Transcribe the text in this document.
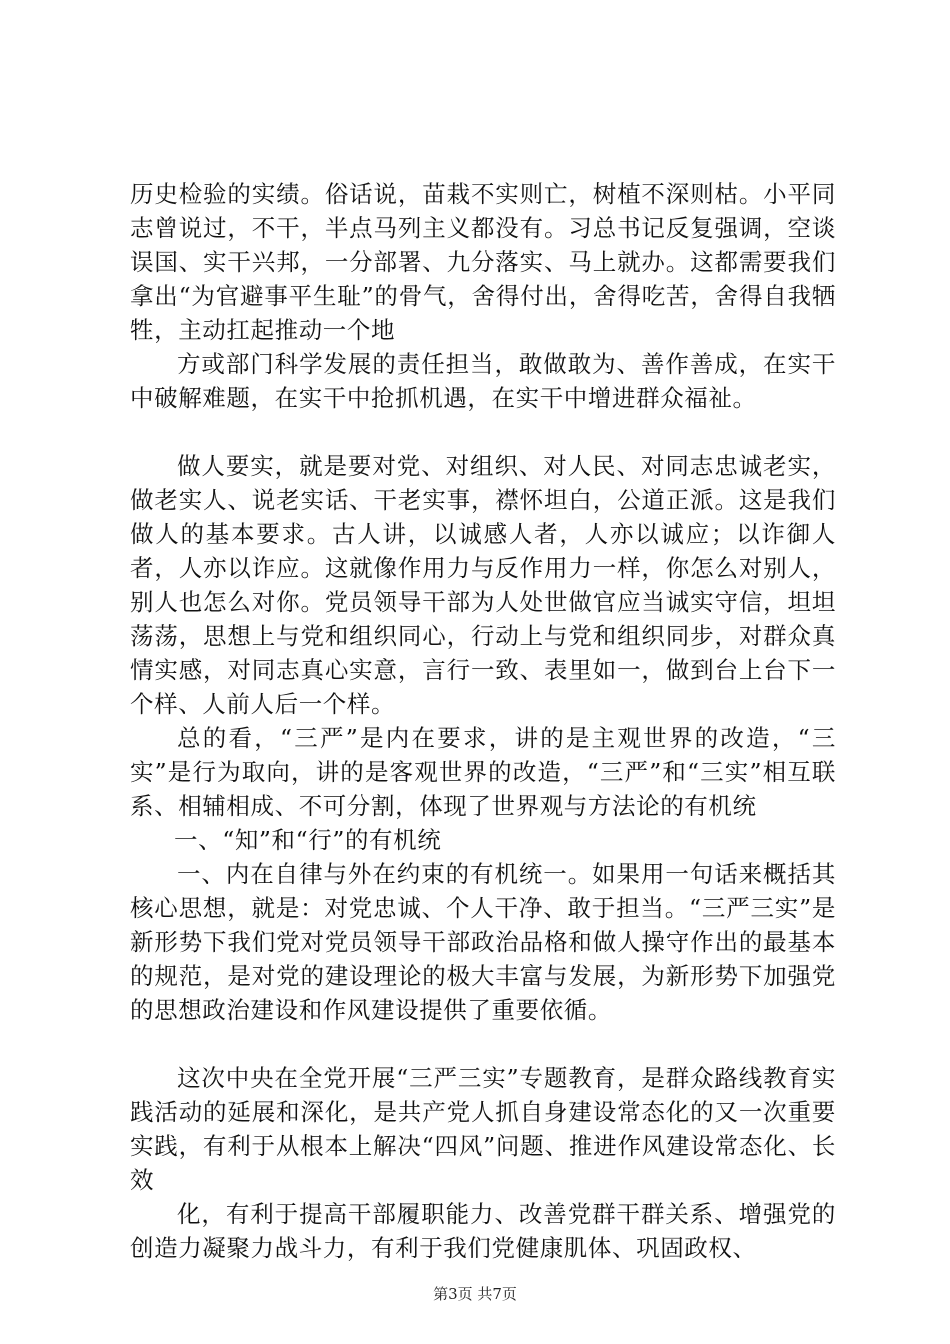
历史检验的实绩。俗话说，苗栽不实则亡，树植不深则枯。小平同志曾说过，不干，半点马列主义都没有。习总书记反复强调，空谈误国、实干兴邦，一分部署、九分落实、马上就办。这都需要我们拿出“为官避事平生耻”的骨气，舍得付出，舍得吃苦，舍得自我牺牲，主动扛起推动一个地

方或部门科学发展的责任担当，敢做敢为、善作善成，在实干中破解难题，在实干中抢抓机遇，在实干中增进群众福祉。

做人要实，就是要对党、对组织、对人民、对同志忠诚老实，做老实人、说老实话、干老实事，襟怀坦白，公道正派。这是我们做人的基本要求。古人讲，以诚感人者，人亦以诚应；以诈御人者，人亦以诈应。这就像作用力与反作用力一样，你怎么对别人，别人也怎么对你。党员领导干部为人处世做官应当诚实守信，坦坦荡荡，思想上与党和组织同心，行动上与党和组织同步，对群众真情实感，对同志真心实意，言行一致、表里如一，做到台上台下一个样、人前人后一个样。

总的看，“三严”是内在要求，讲的是主观世界的改造，“三实”是行为取向，讲的是客观世界的改造，“三严”和“三实”相互联系、相辅相成、不可分割，体现了世界观与方法论的有机统

一、“知”和“行”的有机统

一、内在自律与外在约束的有机统一。如果用一句话来概括其核心思想，就是：对党忠诚、个人干净、敢于担当。“三严三实”是新形势下我们党对党员领导干部政治品格和做人操守作出的最基本的规范，是对党的建设理论的极大丰富与发展，为新形势下加强党的思想政治建设和作风建设提供了重要依循。

这次中央在全党开展“三严三实”专题教育，是群众路线教育实践活动的延展和深化，是共产党人抓自身建设常态化的又一次重要实践，有利于从根本上解决“四风”问题、推进作风建设常态化、长效

化，有利于提高干部履职能力、改善党群干群关系、增强党的创造力凝聚力战斗力，有利于我们党健康肌体、巩固政权、

第3页 共7页
